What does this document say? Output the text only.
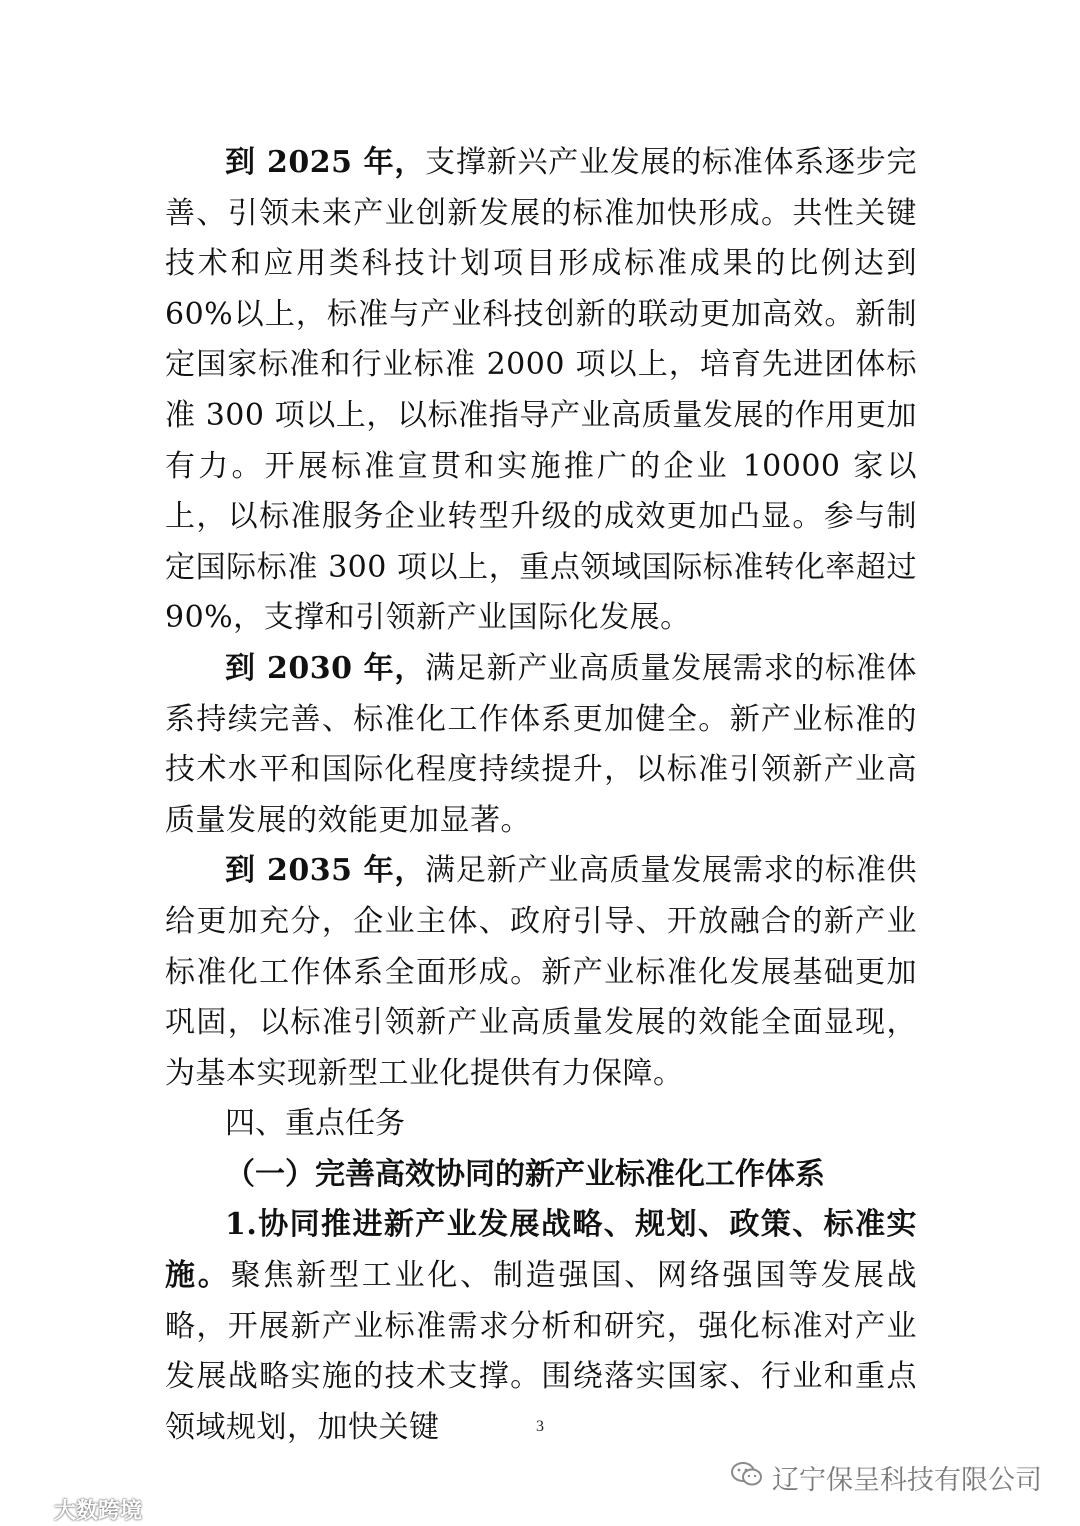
到 2025 年，支撑新兴产业发展的标准体系逐步完善、引领未来产业创新发展的标准加快形成。共性关键技术和应用类科技计划项目形成标准成果的比例达到 60%以上，标准与产业科技创新的联动更加高效。新制定国家标准和行业标准 2000 项以上，培育先进团体标准 300 项以上，以标准指导产业高质量发展的作用更加有力。开展标准宣贯和实施推广的企业 10000 家以上，以标准服务企业转型升级的成效更加凸显。参与制定国际标准 300 项以上，重点领域国际标准转化率超过 90%，支撑和引领新产业国际化发展。

到 2030 年，满足新产业高质量发展需求的标准体系持续完善、标准化工作体系更加健全。新产业标准的技术水平和国际化程度持续提升，以标准引领新产业高质量发展的效能更加显著。

到 2035 年，满足新产业高质量发展需求的标准供给更加充分，企业主体、政府引导、开放融合的新产业标准化工作体系全面形成。新产业标准化发展基础更加巩固，以标准引领新产业高质量发展的效能全面显现，为基本实现新型工业化提供有力保障。

四、重点任务
（一）完善高效协同的新产业标准化工作体系

1.协同推进新产业发展战略、规划、政策、标准实施。聚焦新型工业化、制造强国、网络强国等发展战略，开展新产业标准需求分析和研究，强化标准对产业发展战略实施的技术支撑。围绕落实国家、行业和重点领域规划，加快关键	3
辽宁保呈科技有限公司
大数跨境
